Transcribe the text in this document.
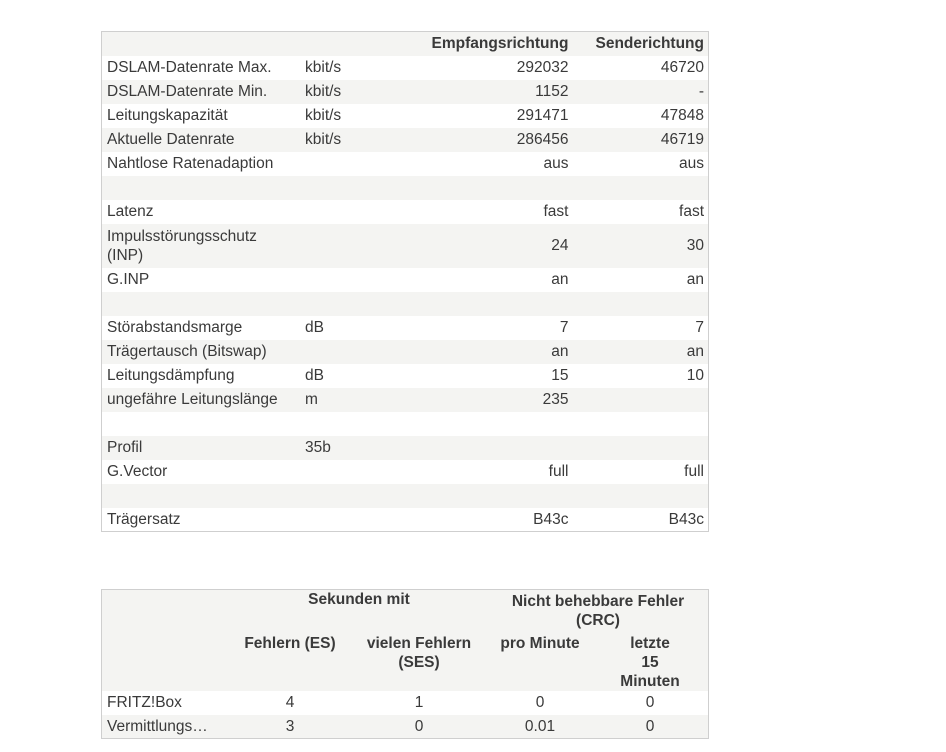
		Empfangsrichtung	Senderichtung
DSLAM-Datenrate Max.	kbit/s	292032	46720
DSLAM-Datenrate Min.	kbit/s	1152	-
Leitungskapazität	kbit/s	291471	47848
Aktuelle Datenrate	kbit/s	286456	46719
Nahtlose Ratenadaption		aus	aus

Latenz		fast	fast
Impulsstörungsschutz (INP)		24	30
G.INP		an	an

Störabstandsmarge	dB	7	7
Trägertausch (Bitswap)		an	an
Leitungsdämpfung	dB	15	10
ungefähre Leitungslänge	m	235	

Profil	35b		
G.Vector		full	full

Trägersatz		B43c	B43c
	Sekunden mit		Nicht behebbare Fehler (CRC)	
	Fehlern (ES)	vielen Fehlern (SES)	pro Minute	letzte 15 Minuten
FRITZ!Box	4	1	0	0
Vermittlungs…	3	0	0.01	0
